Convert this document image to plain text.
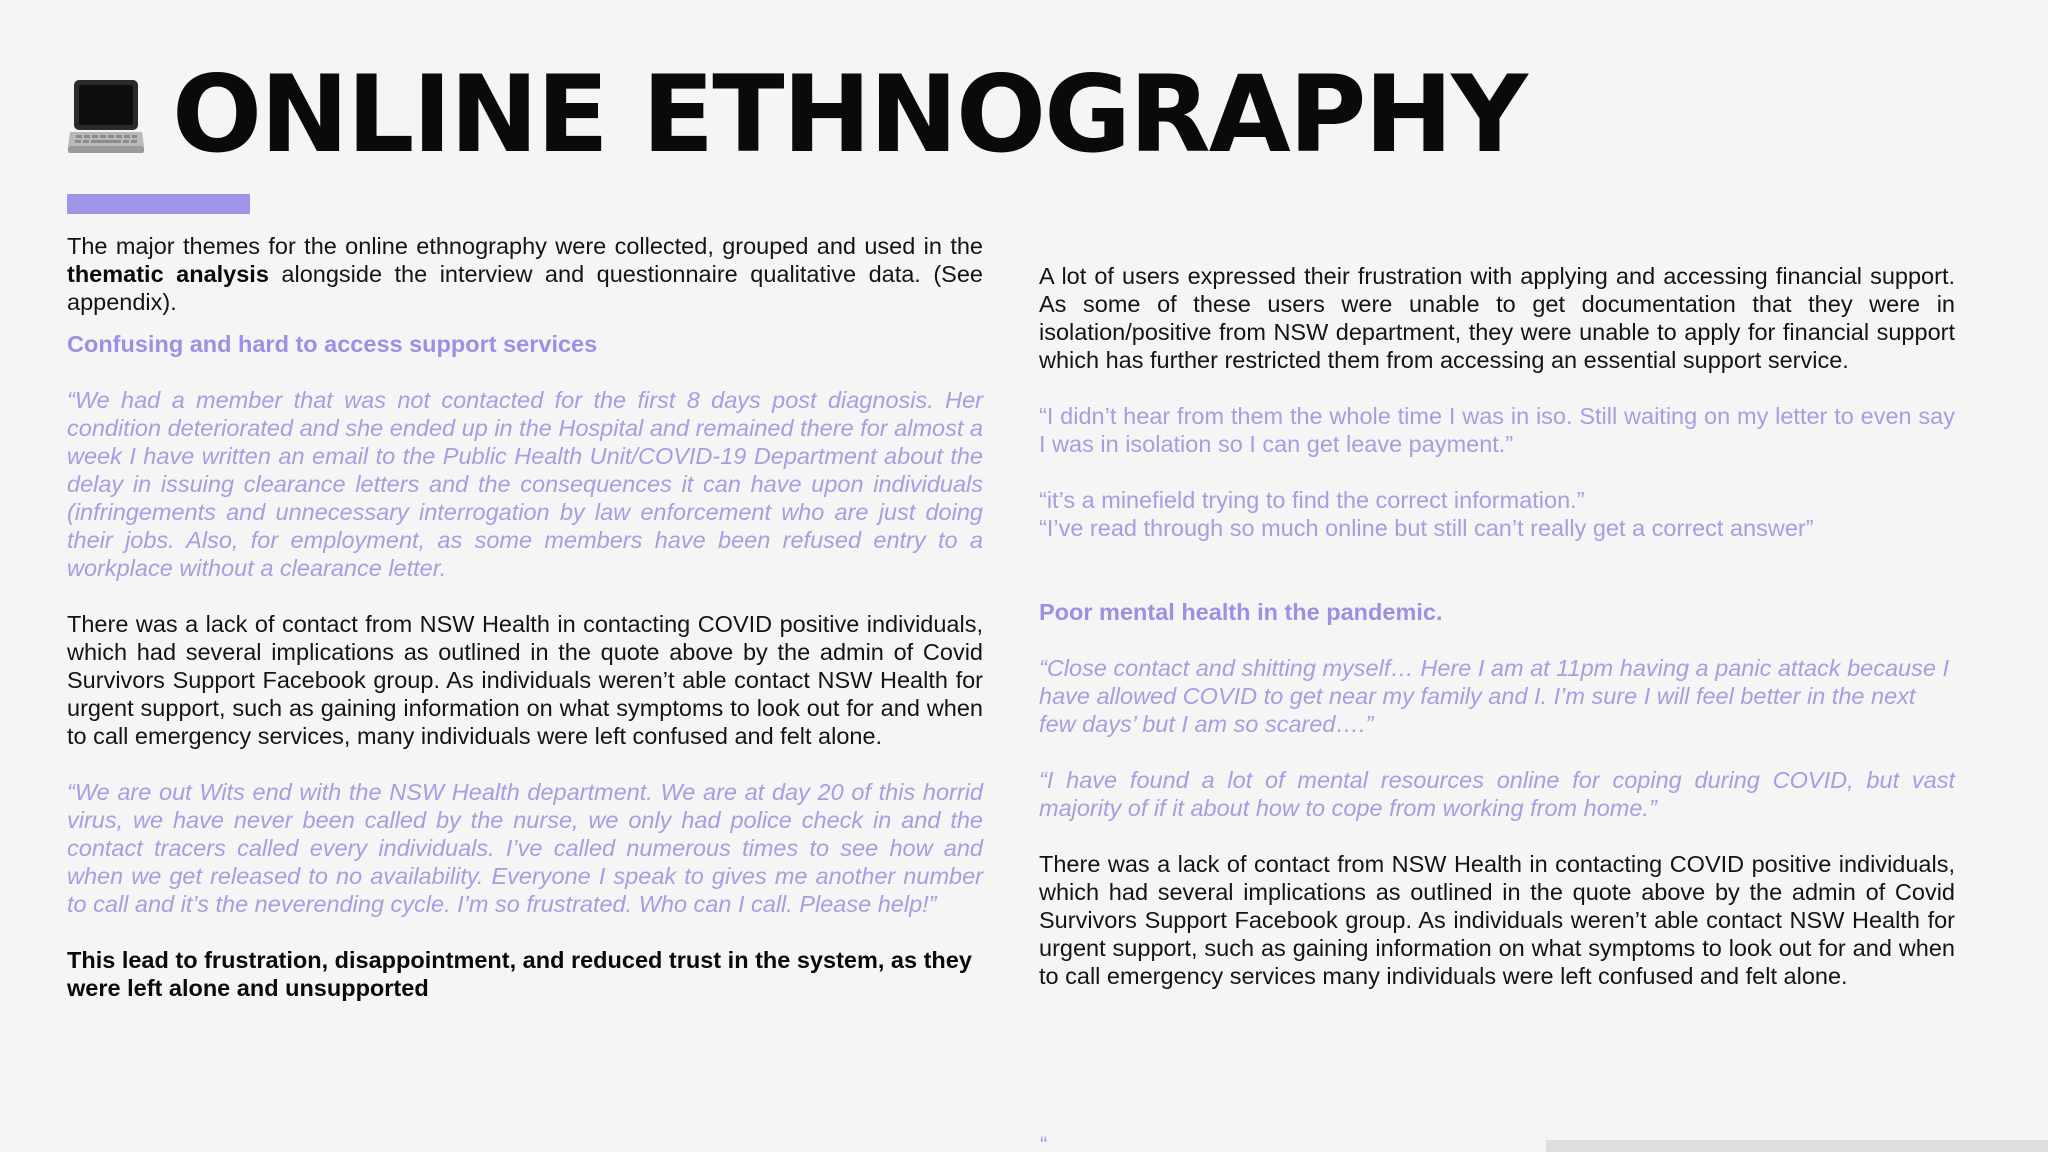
ONLINE ETHNOGRAPHY

The major themes for the online ethnography were collected, grouped and used in the thematic analysis alongside the interview and questionnaire qualitative data. (See appendix).

Confusing and hard to access support services

“We had a member that was not contacted for the first 8 days post diagnosis. Her condition deteriorated and she ended up in the Hospital and remained there for almost a week I have written an email to the Public Health Unit/COVID-19 Department about the delay in issuing clearance letters and the consequences it can have upon individuals (infringements and unnecessary interrogation by law enforcement who are just doing their jobs. Also, for employment, as some members have been refused entry to a workplace without a clearance letter.

There was a lack of contact from NSW Health in contacting COVID positive individuals, which had several implications as outlined in the quote above by the admin of Covid Survivors Support Facebook group. As individuals weren’t able contact NSW Health for urgent support, such as gaining information on what symptoms to look out for and when to call emergency services, many individuals were left confused and felt alone.

“We are out Wits end with the NSW Health department. We are at day 20 of this horrid virus, we have never been called by the nurse, we only had police check in and the contact tracers called every individuals. I’ve called numerous times to see how and when we get released to no availability. Everyone I speak to gives me another number to call and it’s the neverending cycle. I’m so frustrated. Who can I call. Please help!”

This lead to frustration, disappointment, and reduced trust in the system, as they were left alone and unsupported

A lot of users expressed their frustration with applying and accessing financial support. As some of these users were unable to get documentation that they were in isolation/positive from NSW department, they were unable to apply for financial support which has further restricted them from accessing an essential support service.

“I didn’t hear from them the whole time I was in iso. Still waiting on my letter to even say I was in isolation so I can get leave payment.”

“it’s a minefield trying to find the correct information.”

“I’ve read through so much online but still can’t really get a correct answer”

Poor mental health in the pandemic.

“Close contact and shitting myself… Here I am at 11pm having a panic attack because I have allowed COVID to get near my family and I. I’m sure I will feel better in the next few days’ but I am so scared….”

“I have found a lot of mental resources online for coping during COVID, but vast majority of if it about how to cope from working from home.”

There was a lack of contact from NSW Health in contacting COVID positive individuals, which had several implications as outlined in the quote above by the admin of Covid Survivors Support Facebook group. As individuals weren’t able contact NSW Health for urgent support, such as gaining information on what symptoms to look out for and when to call emergency services many individuals were left confused and felt alone.

“
